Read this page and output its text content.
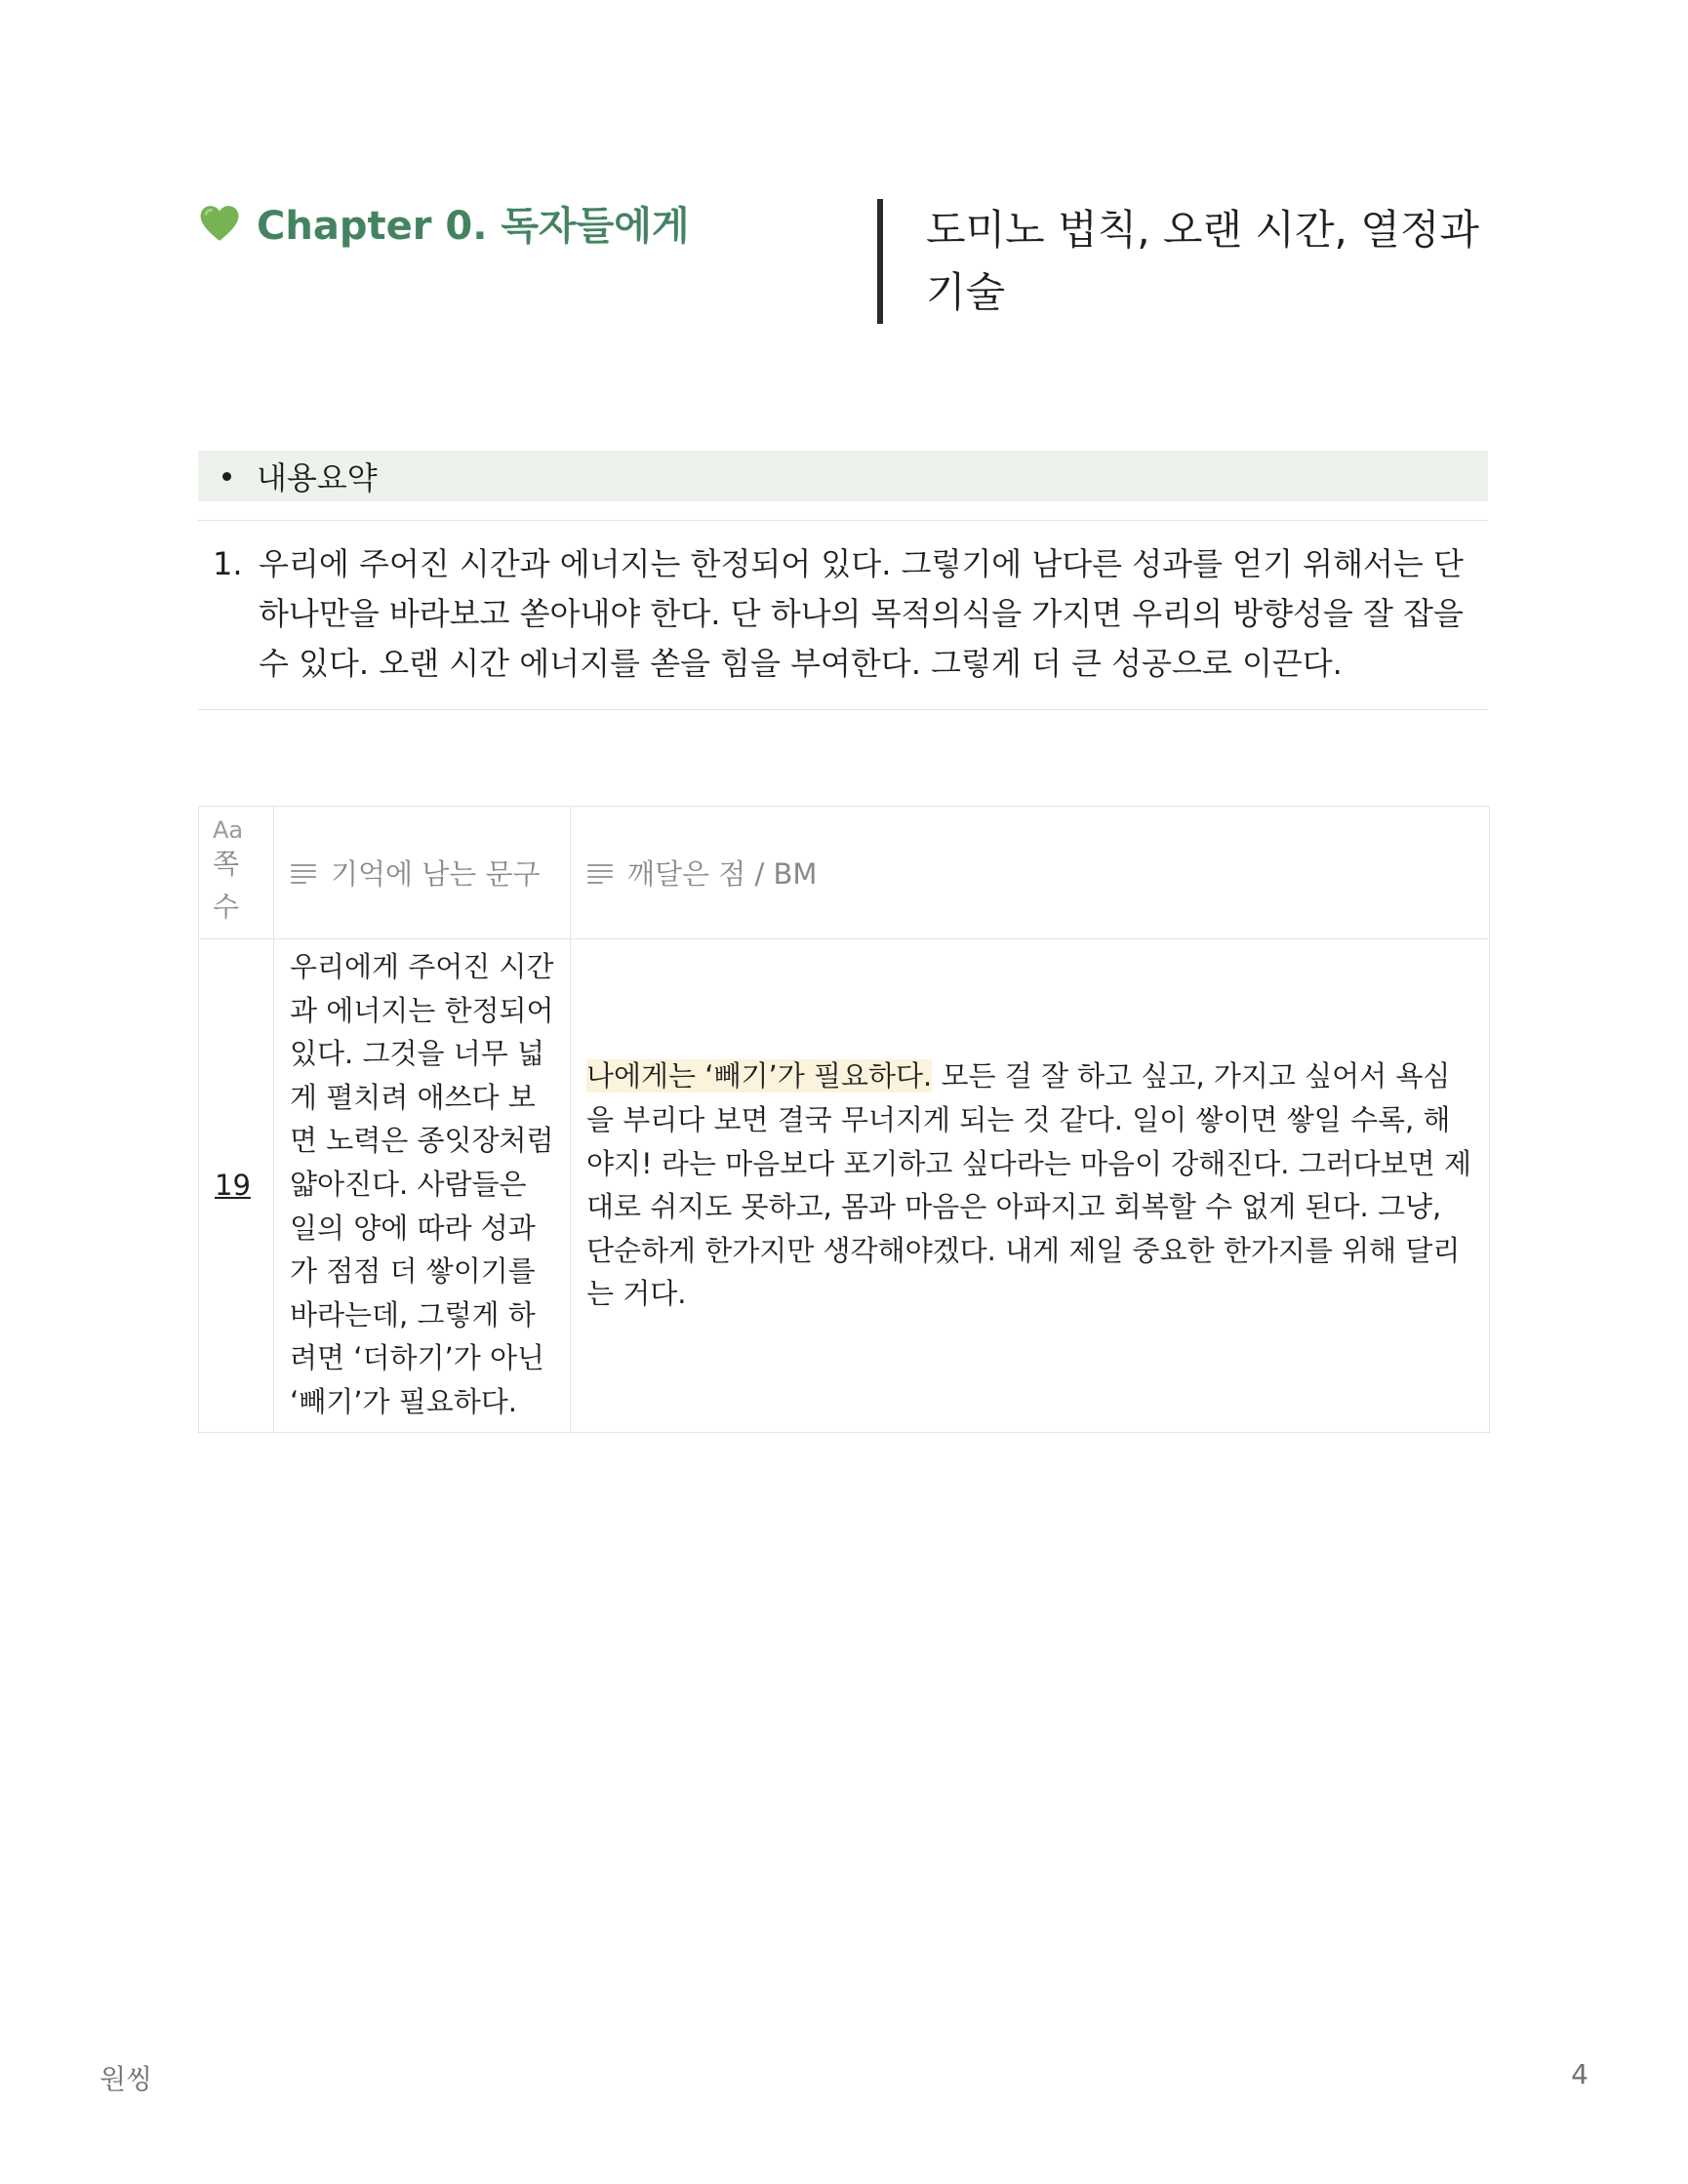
Chapter 0. 독자들에게	도미노 법칙, 오랜 시간, 열정과 기술
내용요약
1. 우리에 주어진 시간과 에너지는 한정되어 있다. 그렇기에 남다른 성과를 얻기 위해서는 단 하나만을 바라보고 쏟아내야 한다. 단 하나의 목적의식을 가지면 우리의 방향성을 잘 잡을 수 있다. 오랜 시간 에너지를 쏟을 힘을 부여한다. 그렇게 더 큰 성공으로 이끈다.
Aa
쪽수	기억에 남는 문구	깨달은 점 / BM

19	우리에게 주어진 시간과 에너지는 한정되어 있다. 그것을 너무 넓게 펼치려 애쓰다 보면 노력은 종잇장처럼 얇아진다. 사람들은 일의 양에 따라 성과가 점점 더 쌓이기를 바라는데, 그렇게 하려면 ‘더하기’가 아닌 ‘빼기’가 필요하다.	나에게는 ‘빼기’가 필요하다. 모든 걸 잘 하고 싶고, 가지고 싶어서 욕심을 부리다 보면 결국 무너지게 되는 것 같다. 일이 쌓이면 쌓일 수록, 해야지! 라는 마음보다 포기하고 싶다라는 마음이 강해진다. 그러다보면 제대로 쉬지도 못하고, 몸과 마음은 아파지고 회복할 수 없게 된다. 그냥, 단순하게 한가지만 생각해야겠다. 내게 제일 중요한 한가지를 위해 달리는 거다.
원씽	4
